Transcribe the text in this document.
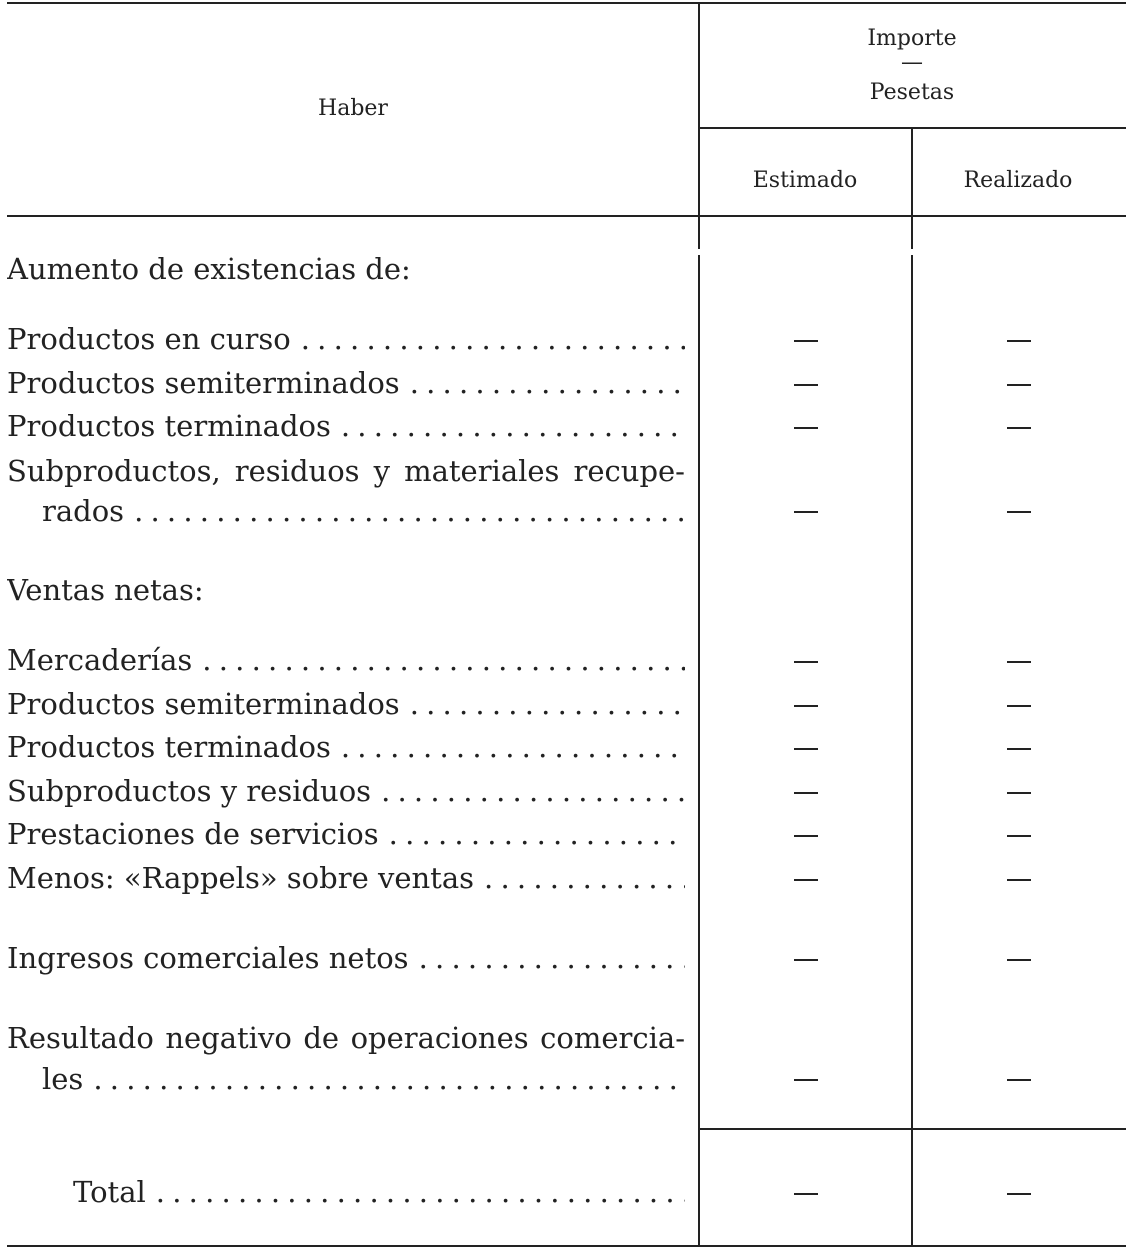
Haber
Importe
—
Pesetas
Estimado	Realizado
Aumento de existencias de:
Productos en curso
. . .
Productos semiterminados
. . .
Productos terminados
. . .
Subproductos, residuos y materiales recupe-
rados
. . .
Ventas netas:
Mercaderías
. . .
Productos semiterminados
. . .
Productos terminados
. . .
Subproductos y residuos
. . .
Prestaciones de servicios
. . .
Menos: «Rappels» sobre ventas
. . .
Ingresos comerciales netos
. . .
Resultado negativo de operaciones comercia-
les
. . .
Total
. . .
